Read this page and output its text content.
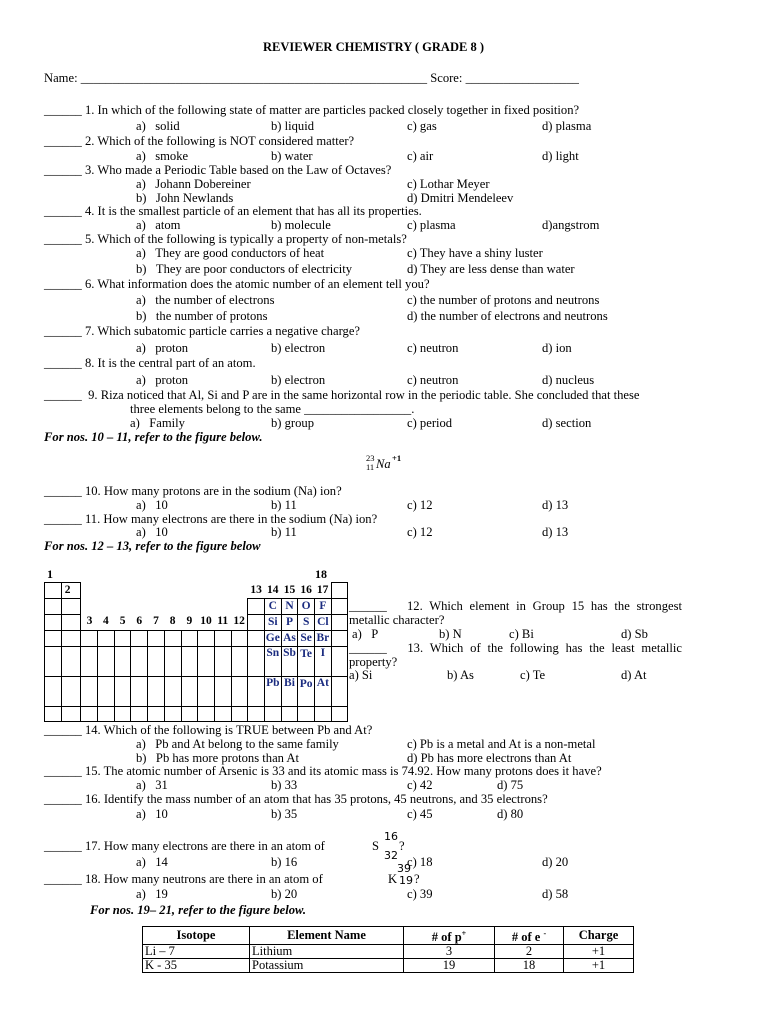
REVIEWER CHEMISTRY ( GRADE 8 )
Name: _______________________________________________________ Score: __________________
______ 1. In which of the following state of matter are particles packed closely together in fixed position?
a)   solid	b) liquid	c) gas	d) plasma
______ 2. Which of the following is NOT considered matter?
a)   smoke	b) water	c) air	d) light
______ 3. Who made a Periodic Table based on the Law of Octaves?
a)   Johann Dobereiner	c) Lothar Meyer
b)   John Newlands	d) Dmitri Mendeleev
______ 4. It is the smallest particle of an element that has all its properties.
a)   atom	b) molecule	c) plasma	d)angstrom
______ 5. Which of the following is typically a property of non-metals?
a)   They are good conductors of heat	c) They have a shiny luster
b)   They are poor conductors of electricity	d) They are less dense than water
______ 6. What information does the atomic number of an element tell you?
a)   the number of electrons	c) the number of protons and neutrons
b)   the number of protons	d) the number of electrons and neutrons
______ 7. Which subatomic particle carries a negative charge?
a)   proton	b) electron	c) neutron	d) ion
______ 8. It is the central part of an atom.
a)   proton	b) electron	c) neutron	d) nucleus
______ 9. Riza noticed that Al, Si and P are in the same horizontal row in the periodic table. She concluded that these
three elements belong to the same _________________.
a)   Family	b) group	c) period	d) section
For nos. 10 – 11, refer to the figure below.
23
11 Na +1
______ 10. How many protons are in the sodium (Na) ion?
a)   10	b) 11	c) 12	d) 13
______ 11. How many electrons are there in the sodium (Na) ion?
a)   10	b) 11	c) 12	d) 13
For nos. 12 – 13, refer to the figure below
1	18
	2											13	14	15	16	17	
													C	N	O	F	
		3	4	5	6	7	8	9	10	11	12		Si	P	S	Cl	
													Ge	As	Se	Br	
													Sn	Sb	Te	I	
													Pb	Bi	Po	At	

______ 12. Which element in Group 15 has the strongest metallic character?
a)   P	b) N	c) Bi	d) Sb
______ 13. Which of the following has the least metallic property?
a) Si	b) As	c) Te	d) At
______ 14. Which of the following is TRUE between Pb and At?
a)   Pb and At belong to the same family	c) Pb is a metal and At is a non-metal
b)   Pb has more protons than At	d) Pb has more electrons than At
______ 15. The atomic number of Arsenic is 33 and its atomic mass is 74.92. How many protons does it have?
a)   31	b) 33	c) 42	d) 75
______ 16. Identify the mass number of an atom that has 35 protons, 45 neutrons, and 35 electrons?
a)   10	b) 35	c) 45	d) 80
______ 17. How many electrons are there in an atom of	S
16
32
?
a)   14	b) 16	c) 18	d) 20
______ 18. How many neutrons are there in an atom of	K
39
19 ?
a)   19	b) 20	c) 39	d) 58
For nos. 19– 21, refer to the figure below.
Isotope	Element Name	# of p+	# of e -	Charge
Li – 7	Lithium	3	2	+1
K - 35	Potassium	19	18	+1
